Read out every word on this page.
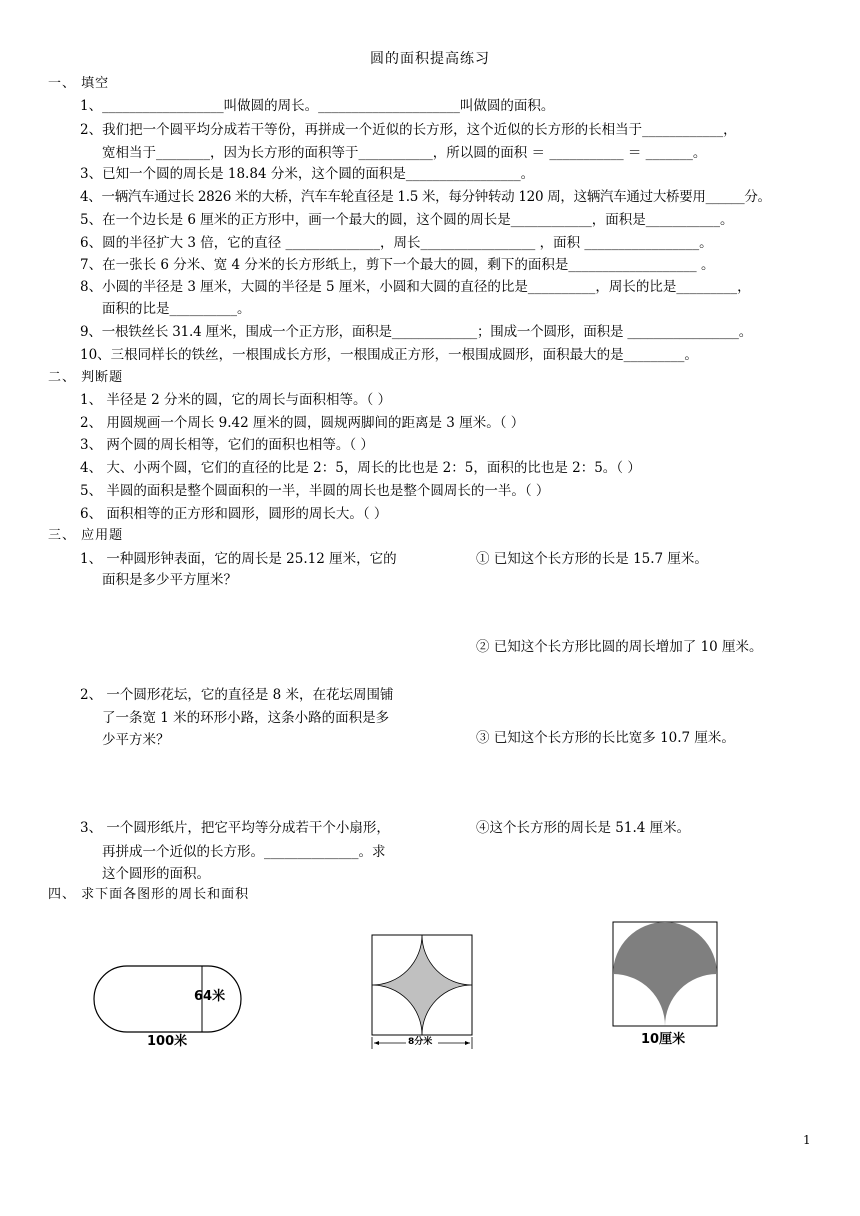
圆的面积提高练习
一、 填空
1、__________________叫做圆的周长。_____________________叫做圆的面积。
2、我们把一个圆平均分成若干等份，再拼成一个近似的长方形，这个近似的长方形的长相当于____________，
宽相当于________，因为长方形的面积等于___________，所以圆的面积 ＝ ___________ ＝ _______。
3、已知一个圆的周长是 18.84 分米，这个圆的面积是_________________。
4、一辆汽车通过长 2826 米的大桥，汽车车轮直径是 1.5 米，每分钟转动 120 周，这辆汽车通过大桥要用______分。
5、在一个边长是 6 厘米的正方形中，画一个最大的圆，这个圆的周长是____________，面积是___________。
6、圆的半径扩大 3 倍，它的直径 ______________，周长_________________ ，面积 _________________。
7、在一张长 6 分米、宽 4 分米的长方形纸上，剪下一个最大的圆，剩下的面积是___________________ 。
8、小圆的半径是 3 厘米，大圆的半径是 5 厘米，小圆和大圆的直径的比是__________，周长的比是_________，
面积的比是__________。
9、一根铁丝长 31.4 厘米，围成一个正方形，面积是_____________；围成一个圆形，面积是 _________________。
10、三根同样长的铁丝，一根围成长方形，一根围成正方形，一根围成圆形，面积最大的是_________。
二、 判断题
1、 半径是 2 分米的圆，它的周长与面积相等。（ ）
2、 用圆规画一个周长 9.42 厘米的圆，圆规两脚间的距离是 3 厘米。（ ）
3、 两个圆的周长相等，它们的面积也相等。（ ）
4、 大、小两个圆，它们的直径的比是 2：5，周长的比也是 2：5，面积的比也是 2：5。（ ）
5、 半圆的面积是整个圆面积的一半，半圆的周长也是整个圆周长的一半。（ ）
6、 面积相等的正方形和圆形，圆形的周长大。（ ）
三、 应用题
1、 一种圆形钟表面，它的周长是 25.12 厘米，它的
面积是多少平方厘米？
2、 一个圆形花坛，它的直径是 8 米，在花坛周围铺
了一条宽 1 米的环形小路，这条小路的面积是多
少平方米？
3、 一个圆形纸片，把它平均等分成若干个小扇形，
再拼成一个近似的长方形。______________。求
这个圆形的面积。
① 已知这个长方形的长是 15.7 厘米。
② 已知这个长方形比圆的周长增加了 10 厘米。
③ 已知这个长方形的长比宽多 10.7 厘米。
④这个长方形的周长是 51.4 厘米。
四、 求下面各图形的周长和面积
64米
100米	8分米	10厘米
1
